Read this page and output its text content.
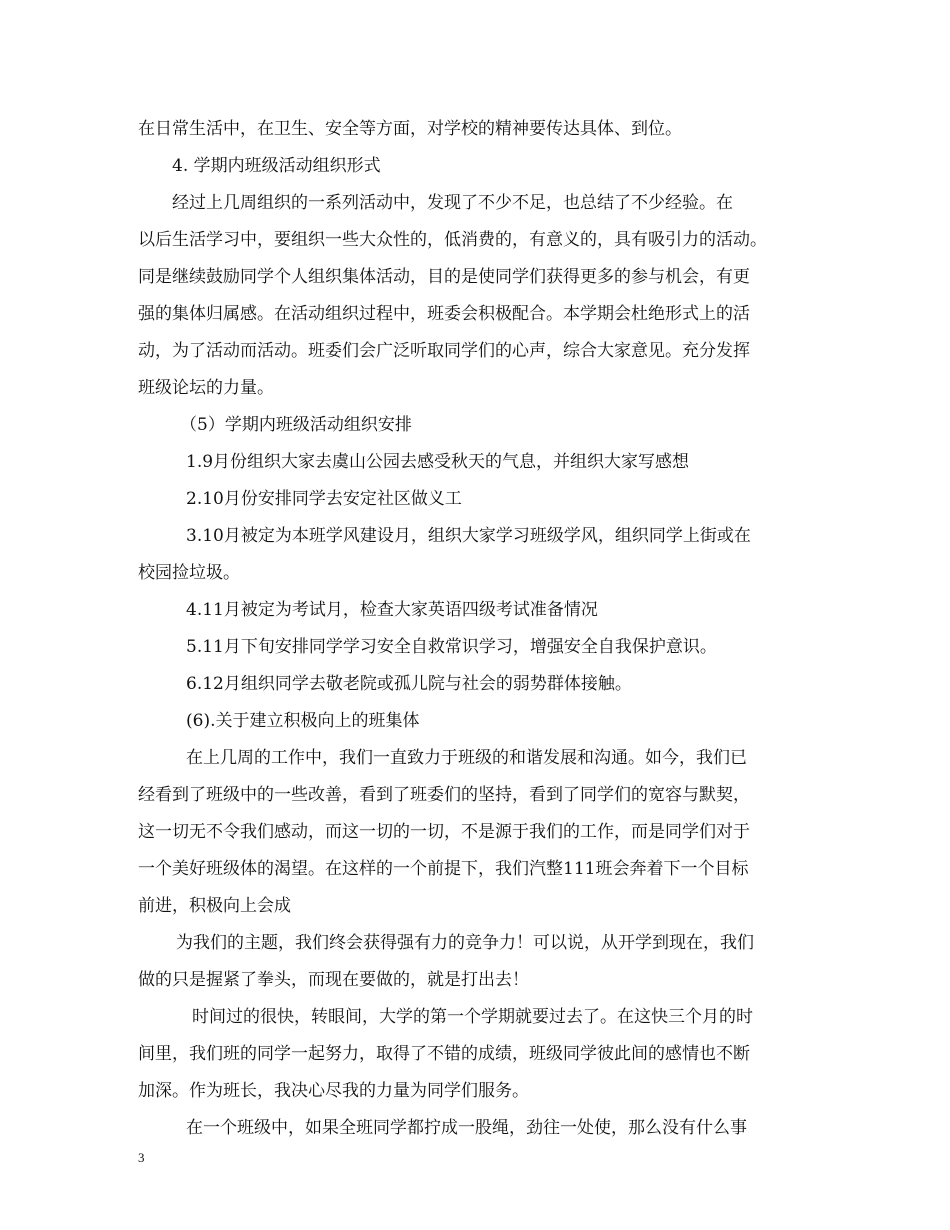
在日常生活中，在卫生、安全等方面，对学校的精神要传达具体、到位。
4. 学期内班级活动组织形式
经过上几周组织的一系列活动中，发现了不少不足，也总结了不少经验。在
以后生活学习中，要组织一些大众性的，低消费的，有意义的，具有吸引力的活动。
同是继续鼓励同学个人组织集体活动，目的是使同学们获得更多的参与机会，有更
强的集体归属感。在活动组织过程中，班委会积极配合。本学期会杜绝形式上的活
动，为了活动而活动。班委们会广泛听取同学们的心声，综合大家意见。充分发挥
班级论坛的力量。
（5）学期内班级活动组织安排
1.9月份组织大家去虞山公园去感受秋天的气息，并组织大家写感想
2.10月份安排同学去安定社区做义工
3.10月被定为本班学风建设月，组织大家学习班级学风，组织同学上街或在
校园捡垃圾。
4.11月被定为考试月，检查大家英语四级考试准备情况
5.11月下旬安排同学学习安全自救常识学习，增强安全自我保护意识。
6.12月组织同学去敬老院或孤儿院与社会的弱势群体接触。
(6).关于建立积极向上的班集体
在上几周的工作中，我们一直致力于班级的和谐发展和沟通。如今，我们已
经看到了班级中的一些改善，看到了班委们的坚持，看到了同学们的宽容与默契，
这一切无不令我们感动，而这一切的一切，不是源于我们的工作，而是同学们对于
一个美好班级体的渴望。在这样的一个前提下，我们汽整111班会奔着下一个目标
前进，积极向上会成
为我们的主题，我们终会获得强有力的竞争力！可以说，从开学到现在，我们
做的只是握紧了拳头，而现在要做的，就是打出去！
时间过的很快，转眼间，大学的第一个学期就要过去了。在这快三个月的时
间里，我们班的同学一起努力，取得了不错的成绩，班级同学彼此间的感情也不断
加深。作为班长，我决心尽我的力量为同学们服务。
在一个班级中，如果全班同学都拧成一股绳，劲往一处使，那么没有什么事
3
